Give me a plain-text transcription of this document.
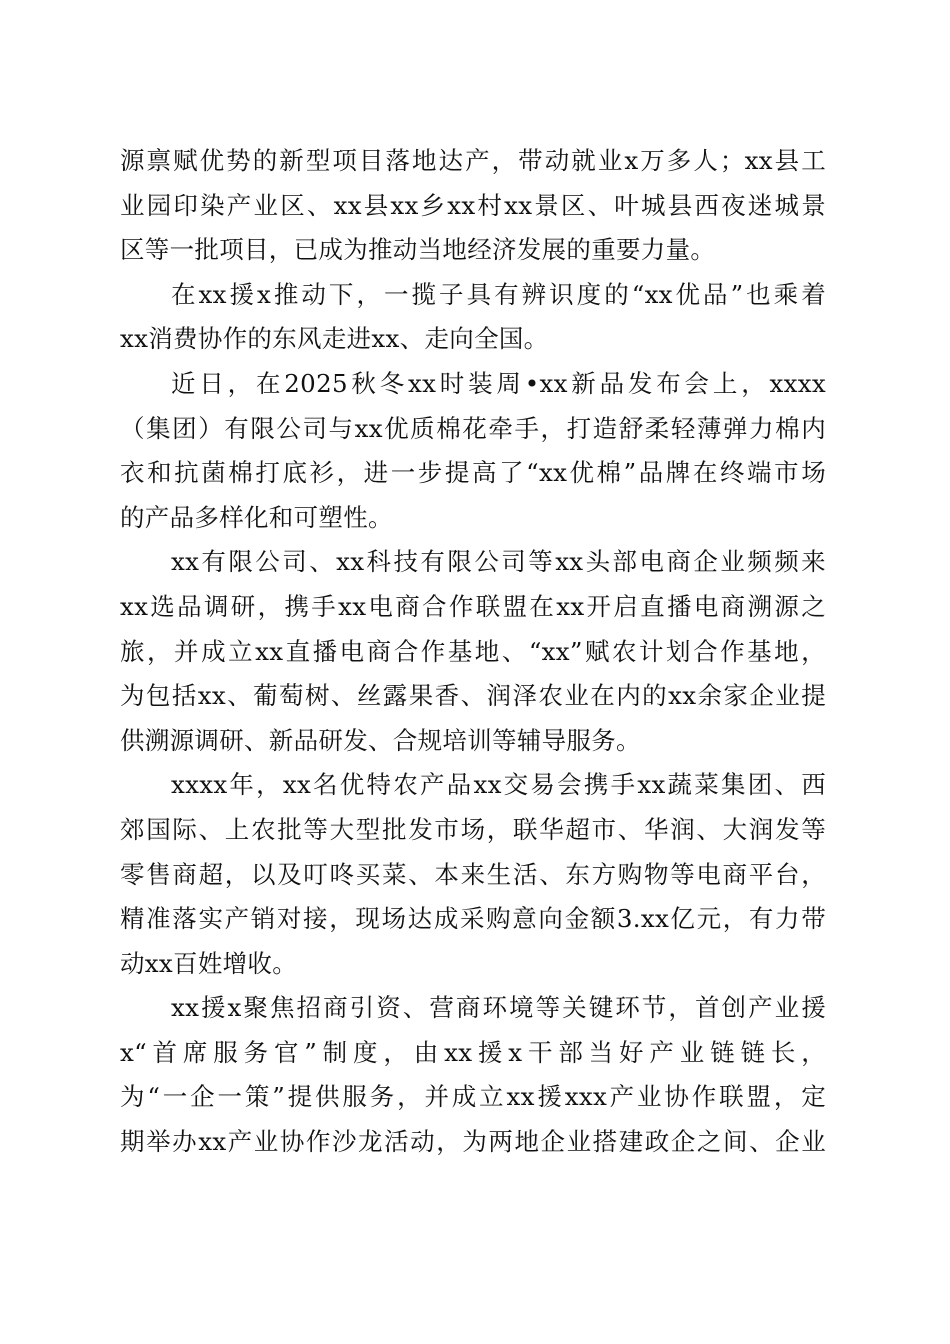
源禀赋优势的新型项目落地达产，带动就业x万多人；xx县工
业园印染产业区、xx县xx乡xx村xx景区、叶城县西夜迷城景
区等一批项目，已成为推动当地经济发展的重要力量。
在xx援x推动下，一揽子具有辨识度的“xx优品”也乘着
xx消费协作的东风走进xx、走向全国。
近日，在2025秋冬xx时装周•xx新品发布会上，xxxx
（集团）有限公司与xx优质棉花牵手，打造舒柔轻薄弹力棉内
衣和抗菌棉打底衫，进一步提高了“xx优棉”品牌在终端市场
的产品多样化和可塑性。
xx有限公司、xx科技有限公司等xx头部电商企业频频来
xx选品调研，携手xx电商合作联盟在xx开启直播电商溯源之
旅，并成立xx直播电商合作基地、“xx”赋农计划合作基地，
为包括xx、葡萄树、丝露果香、润泽农业在内的xx余家企业提
供溯源调研、新品研发、合规培训等辅导服务。
xxxx年，xx名优特农产品xx交易会携手xx蔬菜集团、西
郊国际、上农批等大型批发市场，联华超市、华润、大润发等
零售商超，以及叮咚买菜、本来生活、东方购物等电商平台，
精准落实产销对接，现场达成采购意向金额3.xx亿元，有力带
动xx百姓增收。
xx援x聚焦招商引资、营商环境等关键环节，首创产业援
x“首席服务官”制度，由xx援x干部当好产业链链长，
为“一企一策”提供服务，并成立xx援xxx产业协作联盟，定
期举办xx产业协作沙龙活动，为两地企业搭建政企之间、企业
